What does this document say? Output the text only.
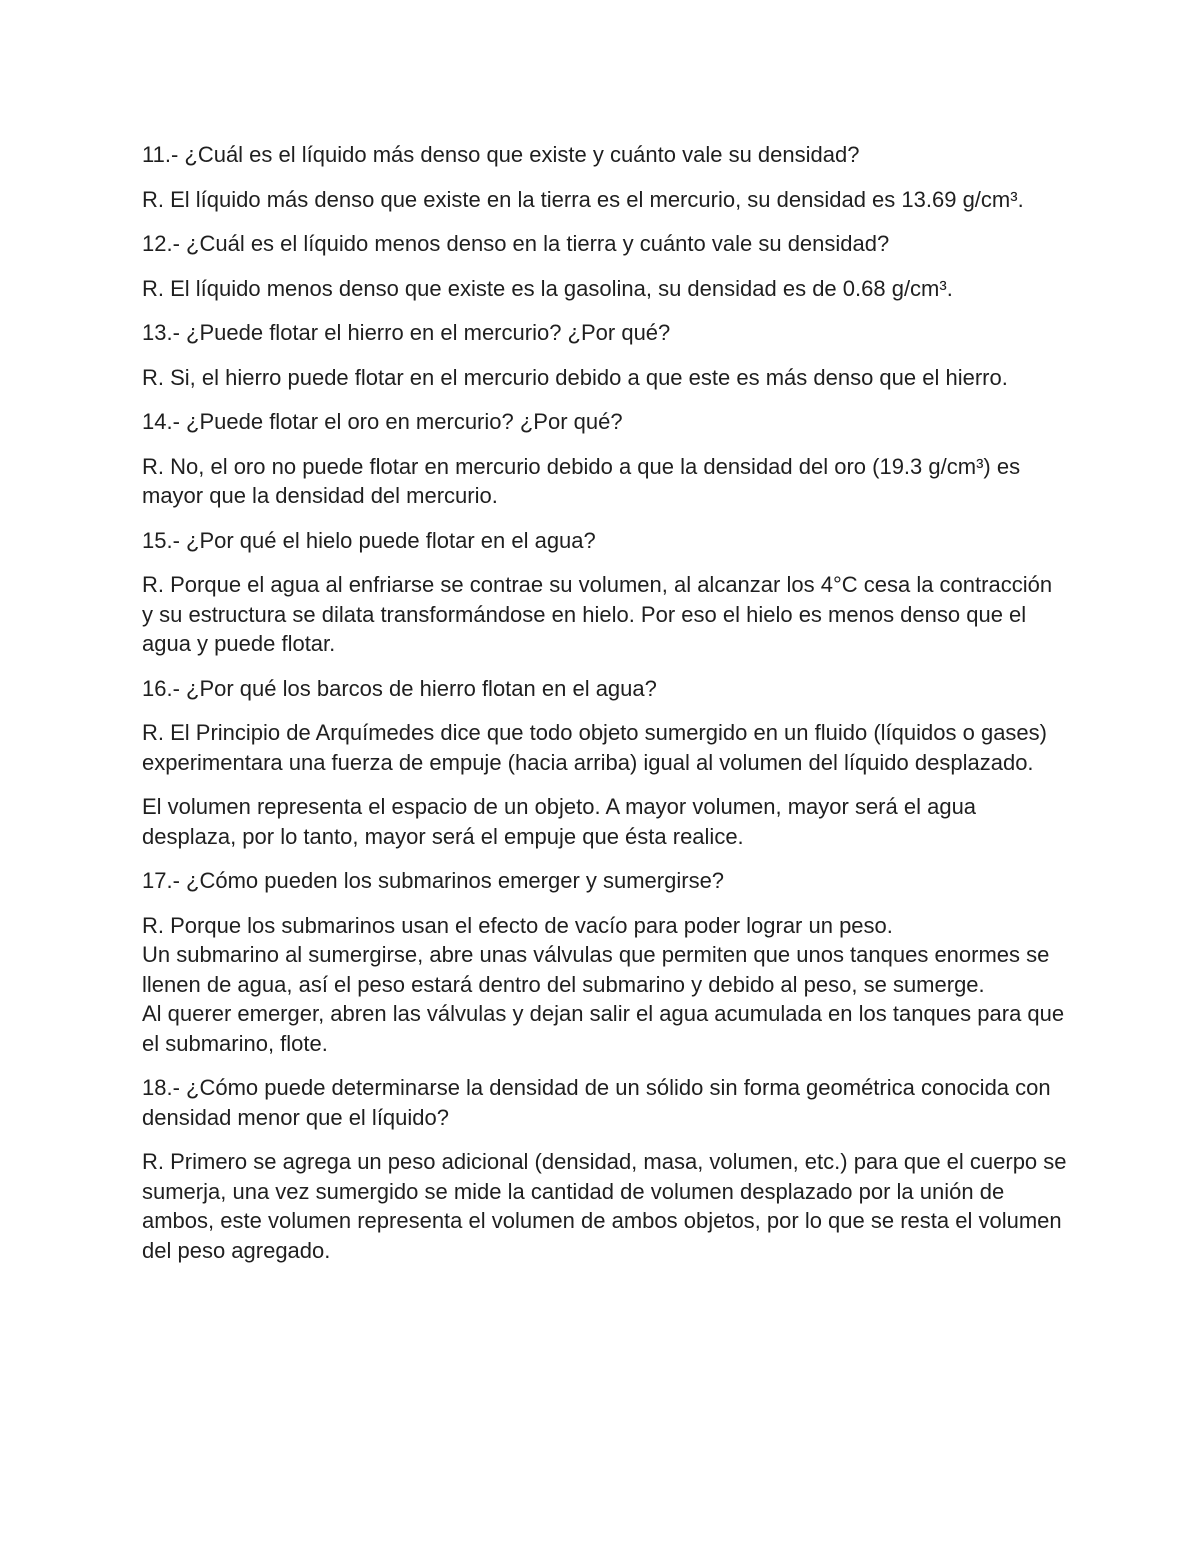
11.- ¿Cuál es el líquido más denso que existe y cuánto vale su densidad?

R. El líquido más denso que existe en la tierra es el mercurio, su densidad es 13.69 g/cm³.

12.- ¿Cuál es el líquido menos denso en la tierra y cuánto vale su densidad?

R. El líquido menos denso que existe es la gasolina, su densidad es de 0.68 g/cm³.

13.- ¿Puede flotar el hierro en el mercurio? ¿Por qué?

R. Si, el hierro puede flotar en el mercurio debido a que este es más denso que el hierro.

14.- ¿Puede flotar el oro en mercurio? ¿Por qué?

R. No, el oro no puede flotar en mercurio debido a que la densidad del oro (19.3 g/cm³) es mayor que la densidad del mercurio.

15.- ¿Por qué el hielo puede flotar en el agua?

R. Porque el agua al enfriarse se contrae su volumen, al alcanzar los 4°C cesa la contracción y su estructura se dilata transformándose en hielo. Por eso el hielo es menos denso que el agua y puede flotar.

16.- ¿Por qué los barcos de hierro flotan en el agua?

R. El Principio de Arquímedes dice que todo objeto sumergido en un fluido (líquidos o gases) experimentara una fuerza de empuje (hacia arriba) igual al volumen del líquido desplazado.

El volumen representa el espacio de un objeto. A mayor volumen, mayor será el agua desplaza, por lo tanto, mayor será el empuje que ésta realice.

17.- ¿Cómo pueden los submarinos emerger y sumergirse?

R. Porque los submarinos usan el efecto de vacío para poder lograr un peso.
Un submarino al sumergirse, abre unas válvulas que permiten que unos tanques enormes se llenen de agua, así el peso estará dentro del submarino y debido al peso, se sumerge.
Al querer emerger, abren las válvulas y dejan salir el agua acumulada en los tanques para que el submarino, flote.

18.- ¿Cómo puede determinarse la densidad de un sólido sin forma geométrica conocida con densidad menor que el líquido?

R. Primero se agrega un peso adicional (densidad, masa, volumen, etc.) para que el cuerpo se sumerja, una vez sumergido se mide la cantidad de volumen desplazado por la unión de ambos, este volumen representa el volumen de ambos objetos, por lo que se resta el volumen del peso agregado.
